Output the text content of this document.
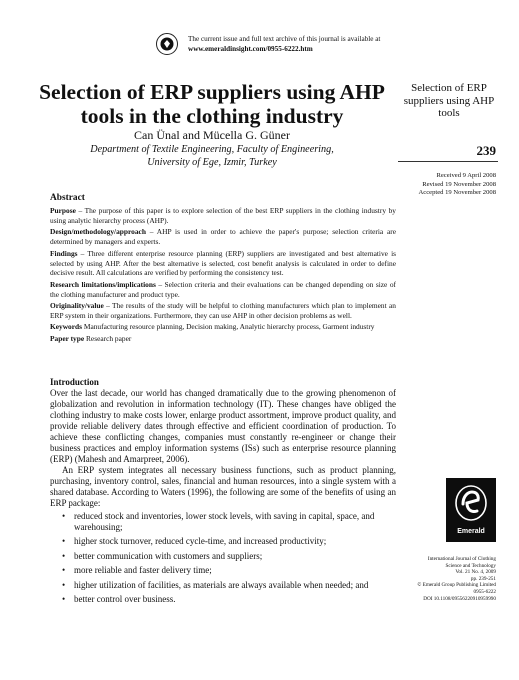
The current issue and full text archive of this journal is available at
www.emeraldinsight.com/0955-6222.htm
Selection of ERP suppliers using AHP tools in the clothing industry
Can Ünal and Mücella G. Güner
Department of Textile Engineering, Faculty of Engineering,
University of Ege, Izmir, Turkey
Selection of ERP suppliers using AHP tools
239
Received 9 April 2008
Revised 19 November 2008
Accepted 19 November 2008
Abstract

Purpose – The purpose of this paper is to explore selection of the best ERP suppliers in the clothing industry by using analytic hierarchy process (AHP).

Design/methodology/approach – AHP is used in order to achieve the paper's purpose; selection criteria are determined by managers and experts.

Findings – Three different enterprise resource planning (ERP) suppliers are investigated and best alternative is selected by using AHP. After the best alternative is selected, cost benefit analysis is calculated in order to define decisive result. All calculations are verified by performing the consistency test.

Research limitations/implications – Selection criteria and their evaluations can be changed depending on size of the clothing manufacturer and product type.

Originality/value – The results of the study will be helpful to clothing manufacturers which plan to implement an ERP system in their organizations. Furthermore, they can use AHP in other decision problems as well.

Keywords Manufacturing resource planning, Decision making, Analytic hierarchy process, Garment industry

Paper type Research paper

Introduction

Over the last decade, our world has changed dramatically due to the growing phenomenon of globalization and revolution in information technology (IT). These changes have obliged the clothing industry to make costs lower, enlarge product assortment, improve product quality, and provide reliable delivery dates through effective and efficient coordination of production. To achieve these conflicting changes, companies must constantly re-engineer or change their business practices and employ information systems (ISs) such as enterprise resource planning (ERP) (Mahesh and Amarpreet, 2006).

An ERP system integrates all necessary business functions, such as product planning, purchasing, inventory control, sales, financial and human resources, into a single system with a shared database. According to Waters (1996), the following are some of the benefits of using an ERP package:

• reduced stock and inventories, lower stock levels, with saving in capital, space, and warehousing;
• higher stock turnover, reduced cycle-time, and increased productivity;
• better communication with customers and suppliers;
• more reliable and faster delivery time;
• higher utilization of facilities, as materials are always available when needed; and
• better control over business.
Emerald
International Journal of Clothing
Science and Technology
Vol. 21 No. 4, 2009
pp. 239-251
© Emerald Group Publishing Limited
0955-6222
DOI 10.1108/09556220910959990
